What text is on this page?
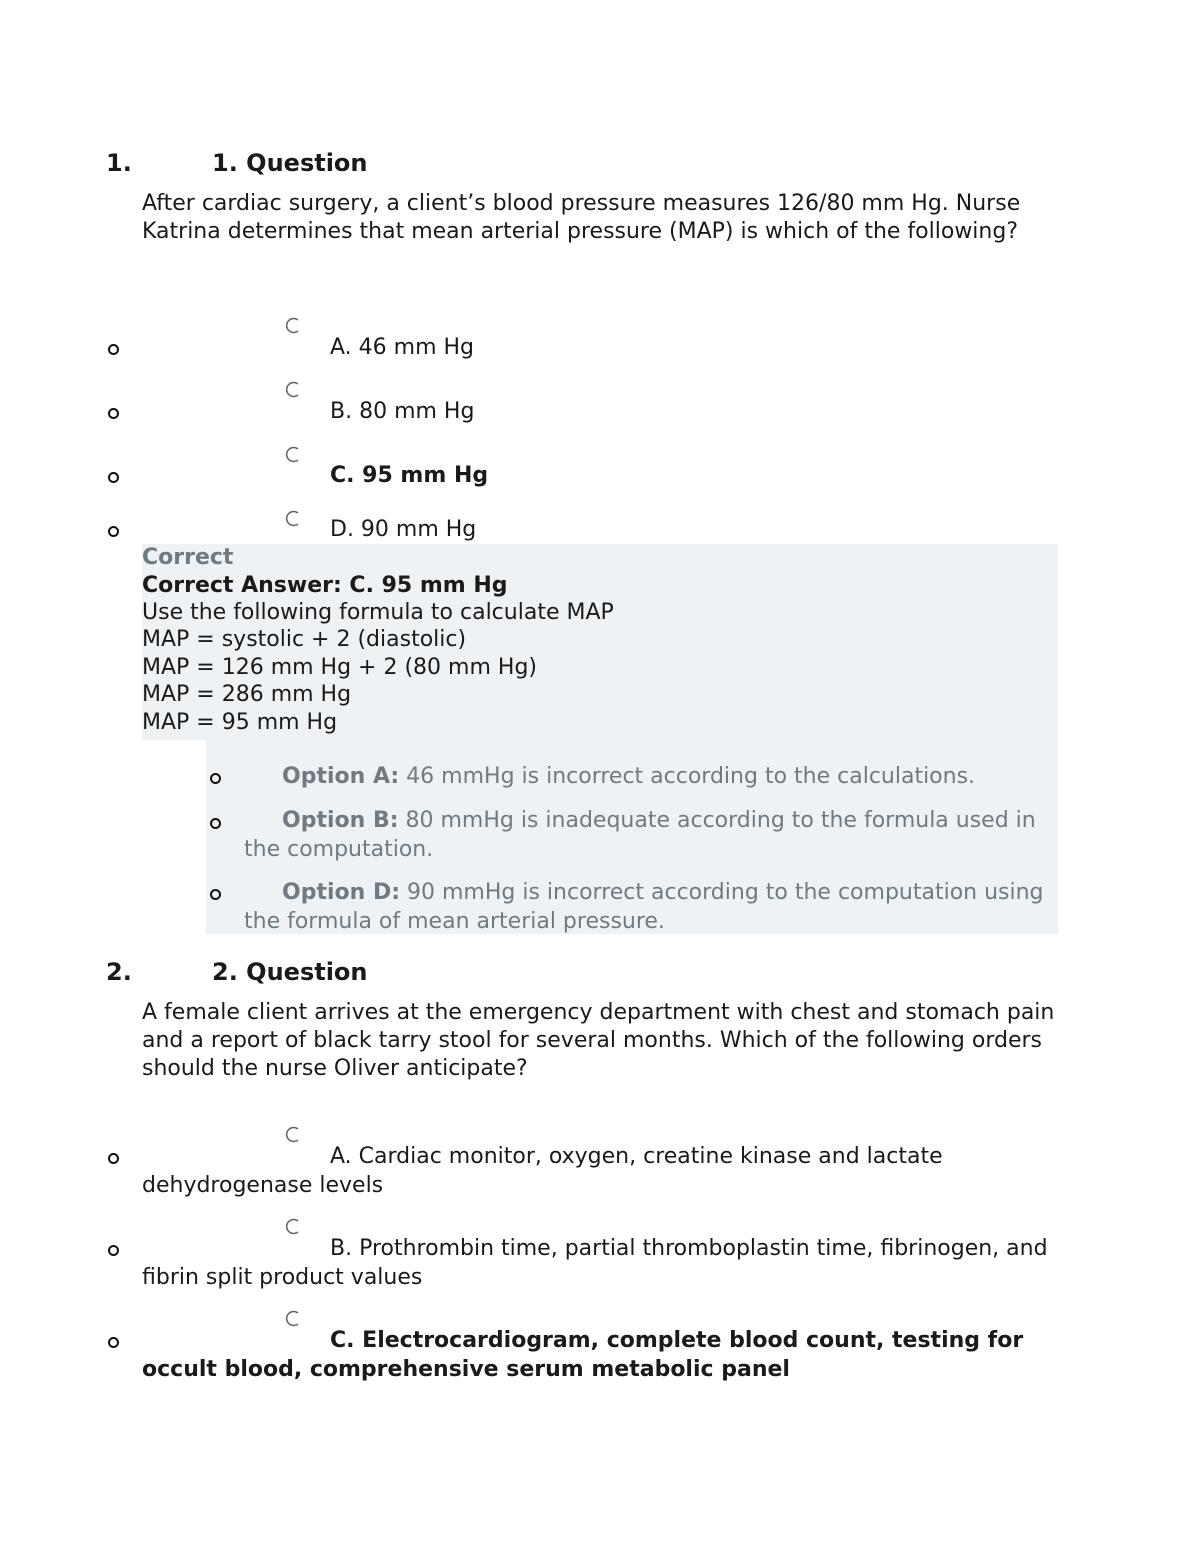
1.	1. Question
After cardiac surgery, a client’s blood pressure measures 126/80 mm Hg. Nurse Katrina determines that mean arterial pressure (MAP) is which of the following?
A. 46 mm Hg
B. 80 mm Hg
C. 95 mm Hg
D. 90 mm Hg
Correct
Correct Answer: C. 95 mm Hg
Use the following formula to calculate MAP
MAP = systolic + 2 (diastolic)
MAP = 126 mm Hg + 2 (80 mm Hg)
MAP = 286 mm Hg
MAP = 95 mm Hg
Option A: 46 mmHg is incorrect according to the calculations.
Option B: 80 mmHg is inadequate according to the formula used in the computation.
Option D: 90 mmHg is incorrect according to the computation using the formula of mean arterial pressure.
2.	2. Question
A female client arrives at the emergency department with chest and stomach pain and a report of black tarry stool for several months. Which of the following orders should the nurse Oliver anticipate?
A. Cardiac monitor, oxygen, creatine kinase and lactate dehydrogenase levels
B. Prothrombin time, partial thromboplastin time, fibrinogen, and fibrin split product values
C. Electrocardiogram, complete blood count, testing for occult blood, comprehensive serum metabolic panel
